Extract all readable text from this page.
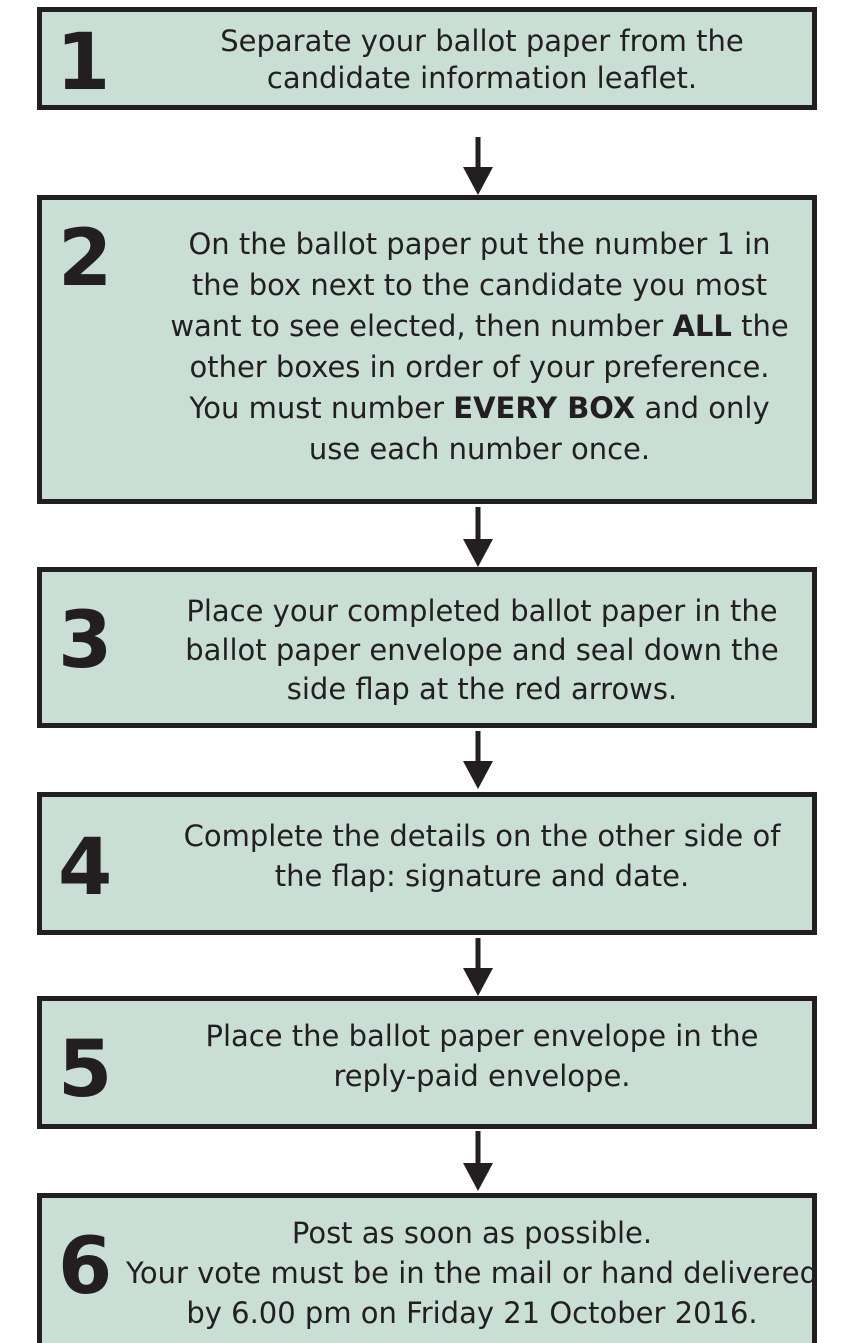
1	Separate your ballot paper from the
candidate information leaflet.
2	On the ballot paper put the number 1 in
the box next to the candidate you most
want to see elected, then number ALL the
other boxes in order of your preference.
You must number EVERY BOX and only
use each number once.
3	Place your completed ballot paper in the
ballot paper envelope and seal down the
side flap at the red arrows.
4	Complete the details on the other side of
the flap: signature and date.
5	Place the ballot paper envelope in the
reply-paid envelope.
6	Post as soon as possible.
Your vote must be in the mail or hand delivered
by 6.00 pm on Friday 21 October 2016.
